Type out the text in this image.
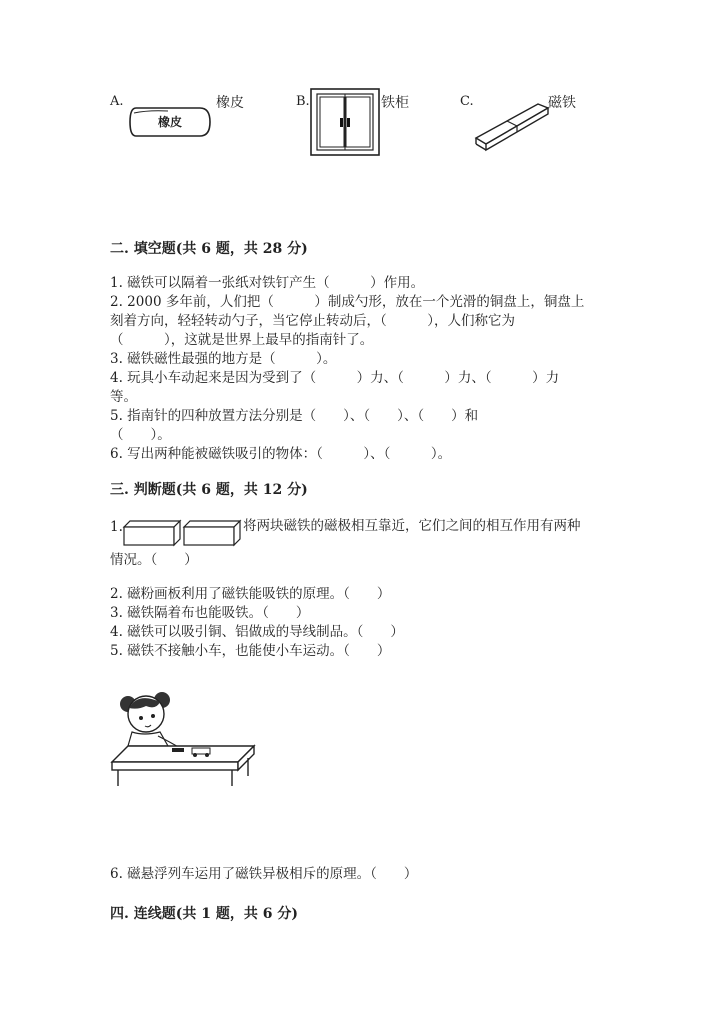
A.
橡皮
橡皮	B.	铁柜	C.	磁铁
二. 填空题(共 6 题，共 28 分)
1. 磁铁可以隔着一张纸对铁钉产生（　　　）作用。
2. 2000 多年前，人们把（　　　）制成勺形，放在一个光滑的铜盘上，铜盘上
刻着方向，轻轻转动勺子，当它停止转动后，（　　　），人们称它为
（　　　），这就是世界上最早的指南针了。
3. 磁铁磁性最强的地方是（　　　）。
4. 玩具小车动起来是因为受到了（　　　）力、（　　　）力、（　　　）力
等。
5. 指南针的四种放置方法分别是（　　）、（　　）、（　　）和
（　　）。
6. 写出两种能被磁铁吸引的物体：（　　　）、（　　　）。
三. 判断题(共 6 题，共 12 分)
1.	将两块磁铁的磁极相互靠近，它们之间的相互作用有两种
情况。（　　）
2. 磁粉画板利用了磁铁能吸铁的原理。（　　）
3. 磁铁隔着布也能吸铁。（　　）
4. 磁铁可以吸引铜、铝做成的导线制品。（　　）
5. 磁铁不接触小车，也能使小车运动。（　　）
6. 磁悬浮列车运用了磁铁异极相斥的原理。（　　）
四. 连线题(共 1 题，共 6 分)
